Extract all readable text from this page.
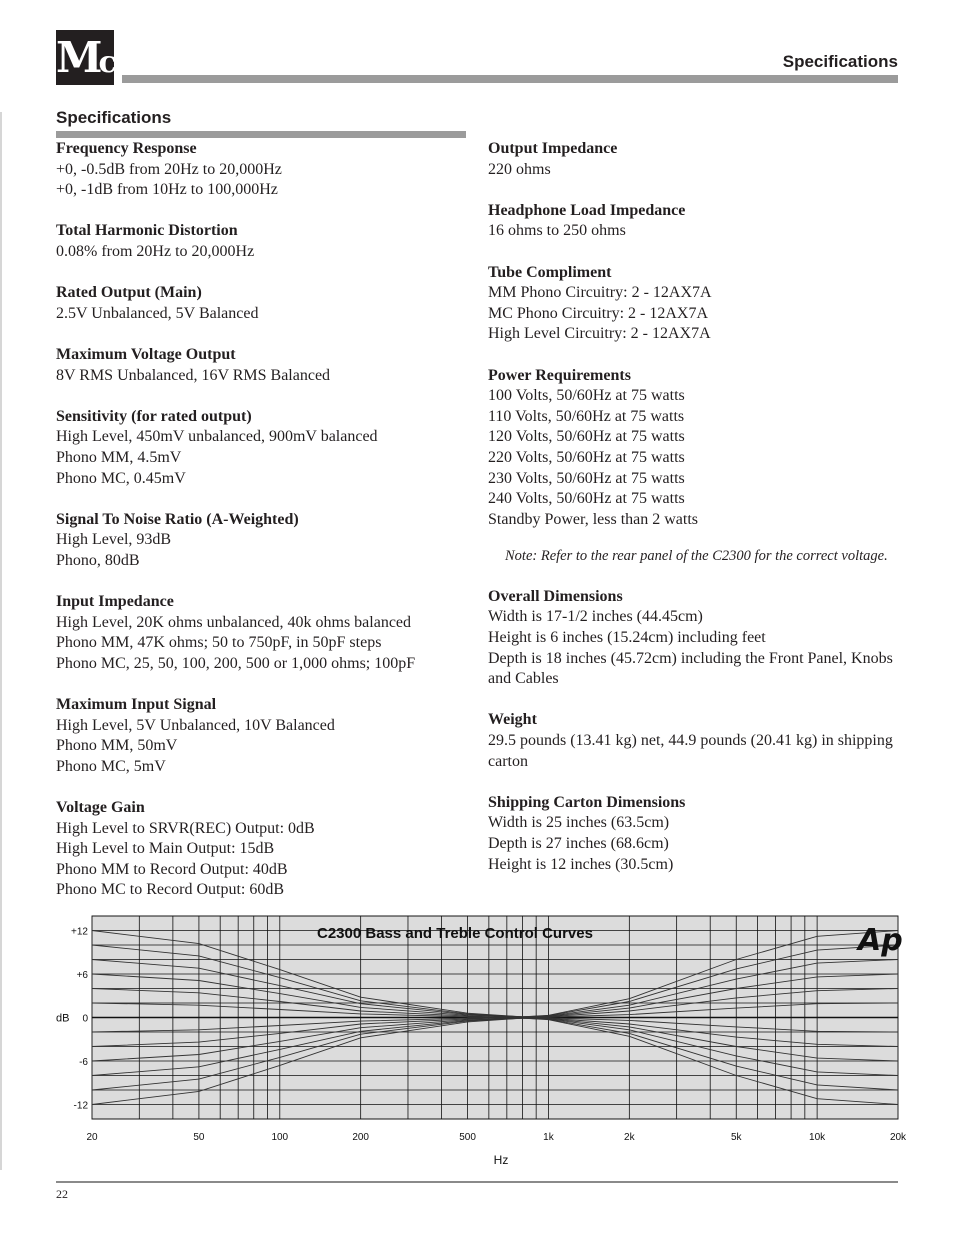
Mc	Specifications
Specifications
Frequency Response
+0, -0.5dB from 20Hz to 20,000Hz
+0, -1dB from 10Hz to 100,000Hz
Total Harmonic Distortion
0.08% from 20Hz to 20,000Hz
Rated Output (Main)
2.5V Unbalanced, 5V Balanced
Maximum Voltage Output
8V RMS Unbalanced, 16V RMS Balanced
Sensitivity (for rated output)
High Level, 450mV unbalanced, 900mV balanced
Phono MM, 4.5mV
Phono MC, 0.45mV
Signal To Noise Ratio (A-Weighted)
High Level, 93dB
Phono, 80dB
Input Impedance
High Level, 20K ohms unbalanced, 40k ohms balanced
Phono MM, 47K ohms; 50 to 750pF, in 50pF steps
Phono MC, 25, 50, 100, 200, 500 or 1,000 ohms; 100pF
Maximum Input Signal
High Level, 5V Unbalanced, 10V Balanced
Phono MM, 50mV
Phono MC, 5mV
Voltage Gain
High Level to SRVR(REC) Output: 0dB
High Level to Main Output: 15dB
Phono MM to Record Output: 40dB
Phono MC to Record Output: 60dB
Output Impedance
220 ohms
Headphone Load Impedance
16 ohms to 250 ohms
Tube Compliment
MM Phono Circuitry: 2 - 12AX7A
MC Phono Circuitry: 2 - 12AX7A
High Level Circuitry: 2 - 12AX7A
Power Requirements
100 Volts, 50/60Hz at 75 watts
110 Volts, 50/60Hz at 75 watts
120 Volts, 50/60Hz at 75 watts
220 Volts, 50/60Hz at 75 watts
230 Volts, 50/60Hz at 75 watts
240 Volts, 50/60Hz at 75 watts
Standby Power, less than 2 watts
Note: Refer to the rear panel of the C2300 for the correct voltage.
Overall Dimensions
Width is 17-1/2 inches (44.45cm)
Height is 6 inches (15.24cm) including feet
Depth is 18 inches (45.72cm) including the Front Panel, Knobs and Cables
Weight
29.5 pounds (13.41 kg) net, 44.9 pounds (20.41 kg) in shipping carton
Shipping Carton Dimensions
Width is 25 inches (63.5cm)
Depth is 27 inches (68.6cm)
Height is 12 inches (30.5cm)
C2300 Bass and Treble Control Curves	Ap
+12
+6
0
-6
-12
dB
20	50	100	200	500	1k	2k	5k	10k	20k
Hz
22
